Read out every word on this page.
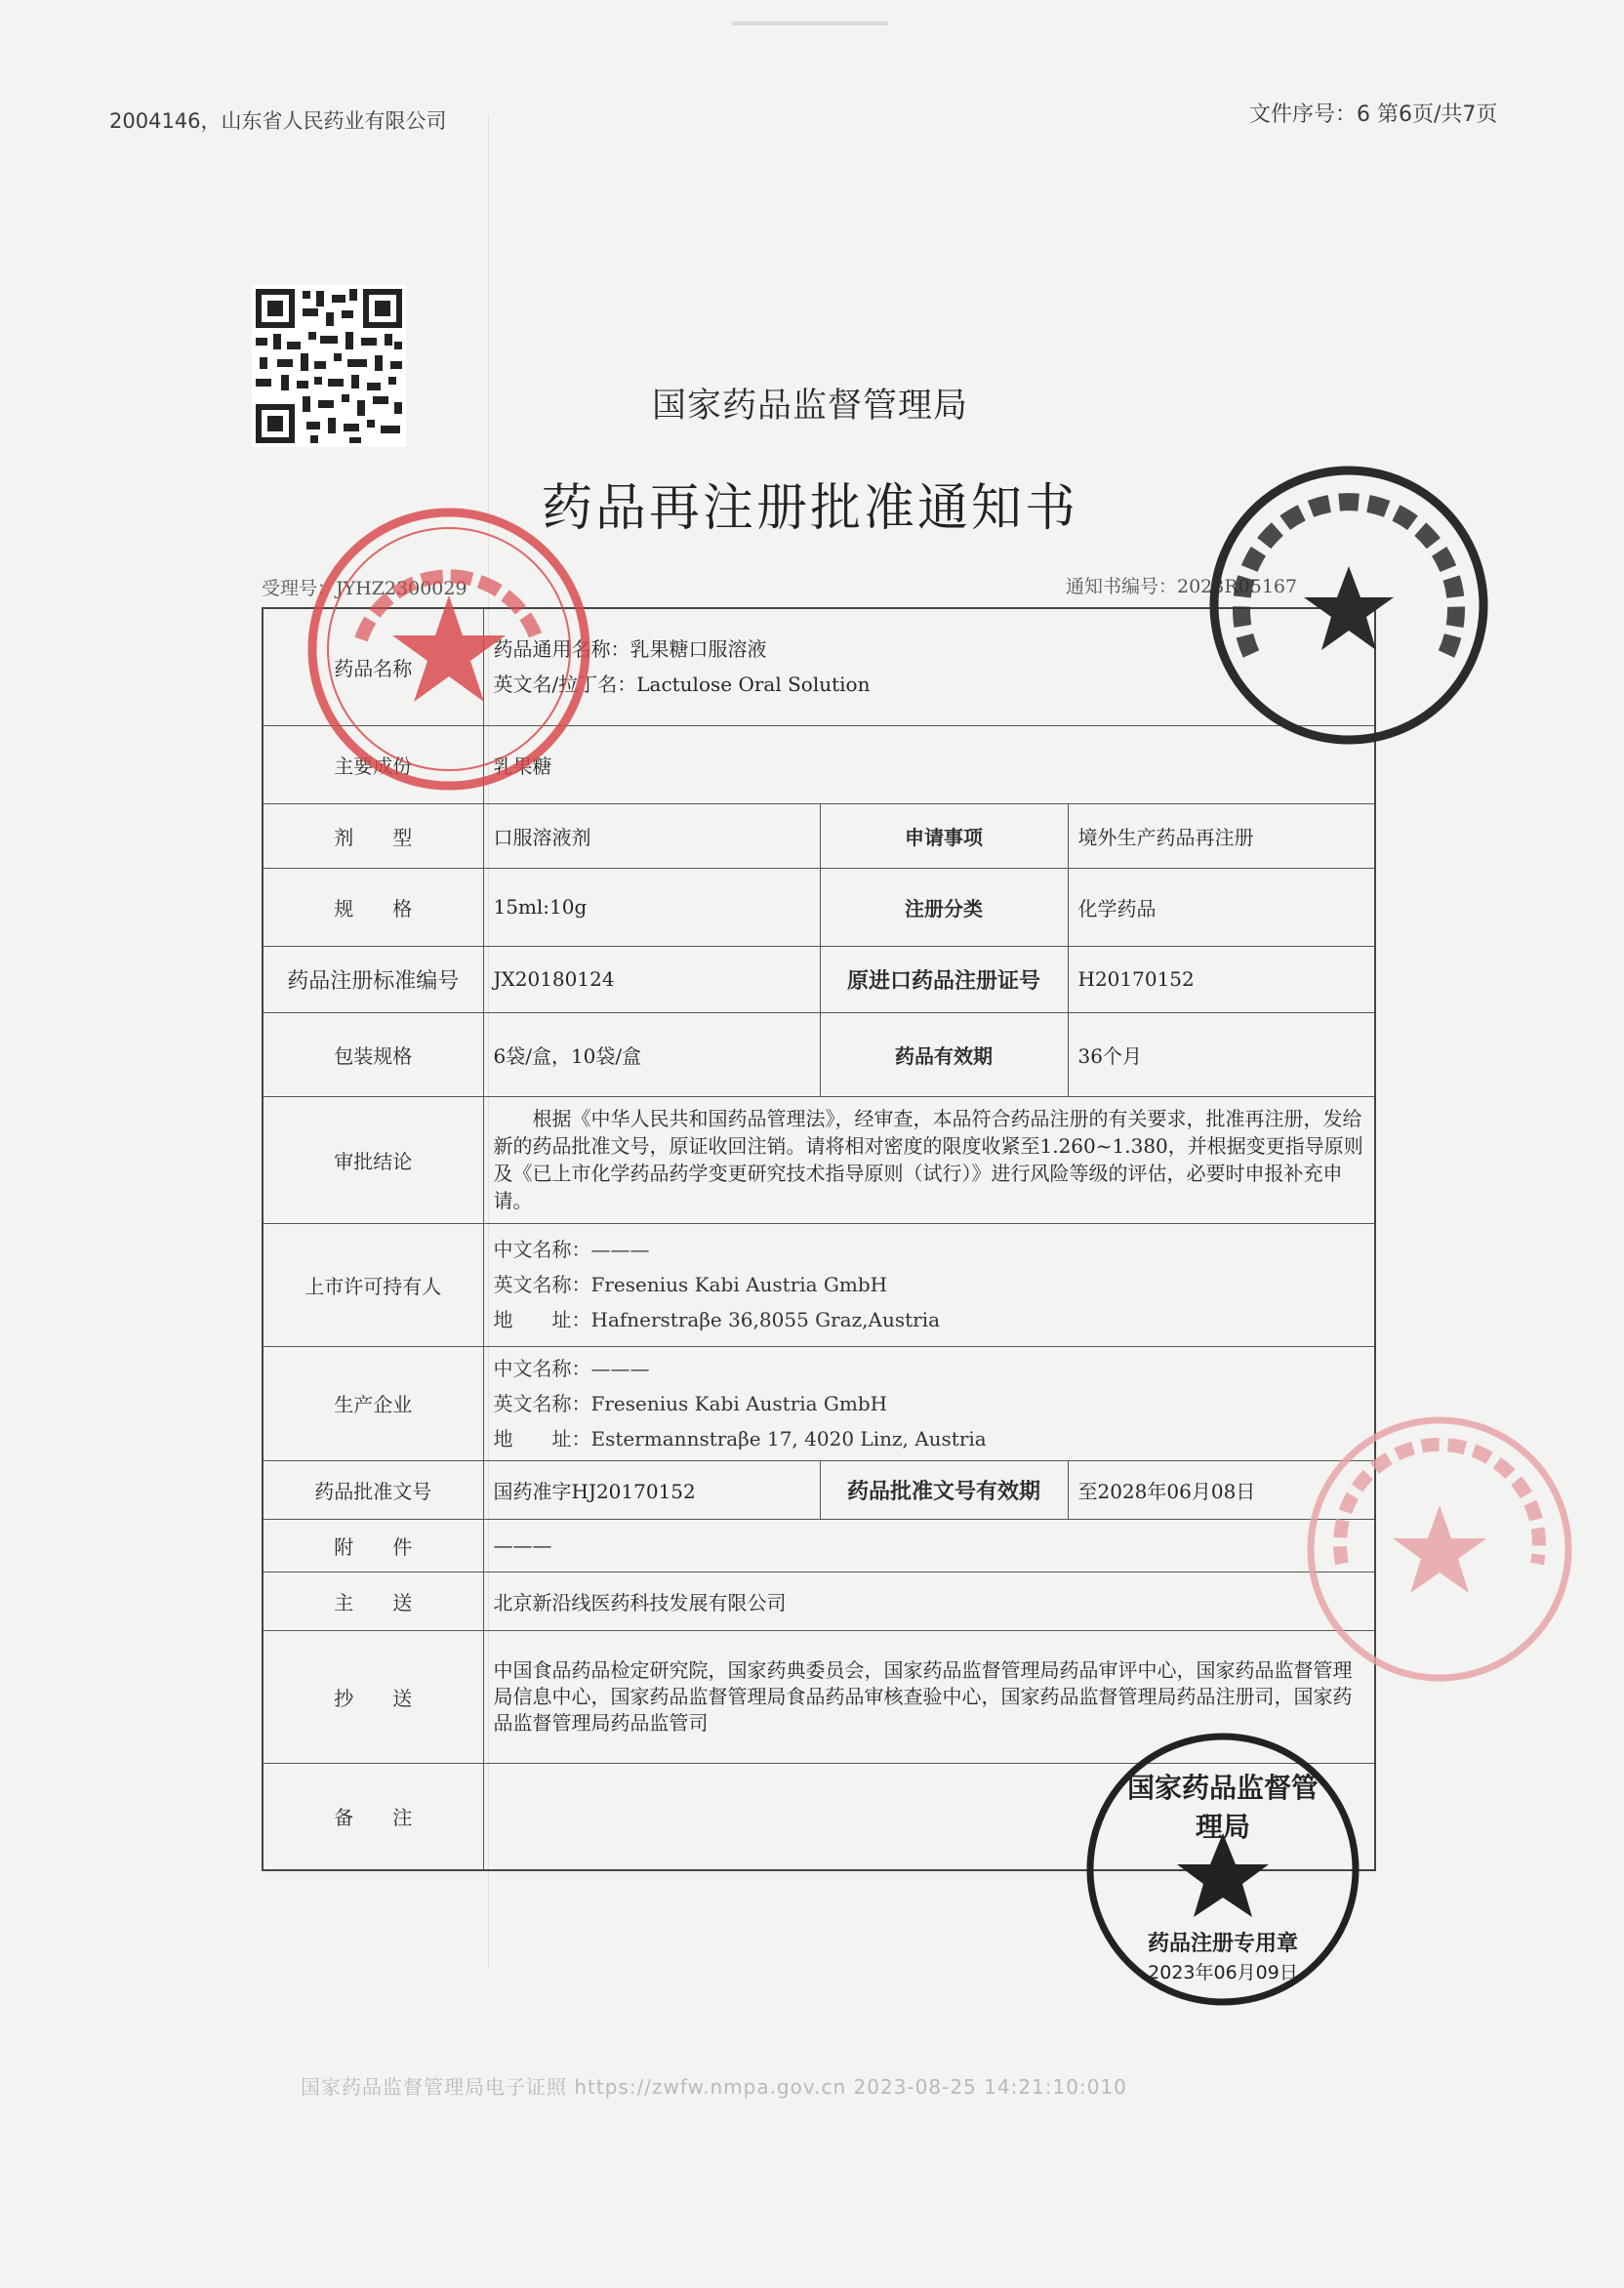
2004146，山东省人民药业有限公司	文件序号：6 第6页/共7页
国家药品监督管理局
药品再注册批准通知书
受理号：JYHZ2300029	通知书编号：2023R05167
药品名称	药品通用名称：乳果糖口服溶液
英文名/拉丁名：Lactulose Oral Solution		

主要成份	乳果糖		
剂　　型	口服溶液剂	申请事项	境外生产药品再注册
规　　格	15ml:10g	注册分类	化学药品
药品注册标准编号	JX20180124	原进口药品注册证号	H20170152
包装规格	6袋/盒，10袋/盒	药品有效期	36个月
审批结论	根据《中华人民共和国药品管理法》，经审查，本品符合药品注册的有关要求，批准再注册，发给新的药品批准文号，原证收回注销。请将相对密度的限度收紧至1.260~1.380，并根据变更指导原则及《已上市化学药品药学变更研究技术指导原则（试行）》进行风险等级的评估，必要时申报补充申请。		
上市许可持有人	中文名称：———
英文名称：Fresenius Kabi Austria GmbH
地　　址：Hafnerstraβe 36,8055 Graz,Austria		

生产企业	中文名称：———
英文名称：Fresenius Kabi Austria GmbH
地　　址：Estermannstraβe 17, 4020 Linz, Austria		

药品批准文号	国药准字HJ20170152	药品批准文号有效期	至2028年06月08日
附　　件	———		
主　　送	北京新沿线医药科技发展有限公司		
抄　　送	中国食品药品检定研究院，国家药典委员会，国家药品监督管理局药品审评中心，国家药品监督管理局信息中心，国家药品监督管理局食品药品审核查验中心，国家药品监督管理局药品注册司，国家药品监督管理局药品监管司		
备　　注			
国家药品监督管理局
药品注册专用章
2023年06月09日
国家药品监督管理局电子证照 https://zwfw.nmpa.gov.cn 2023-08-25 14:21:10:010
